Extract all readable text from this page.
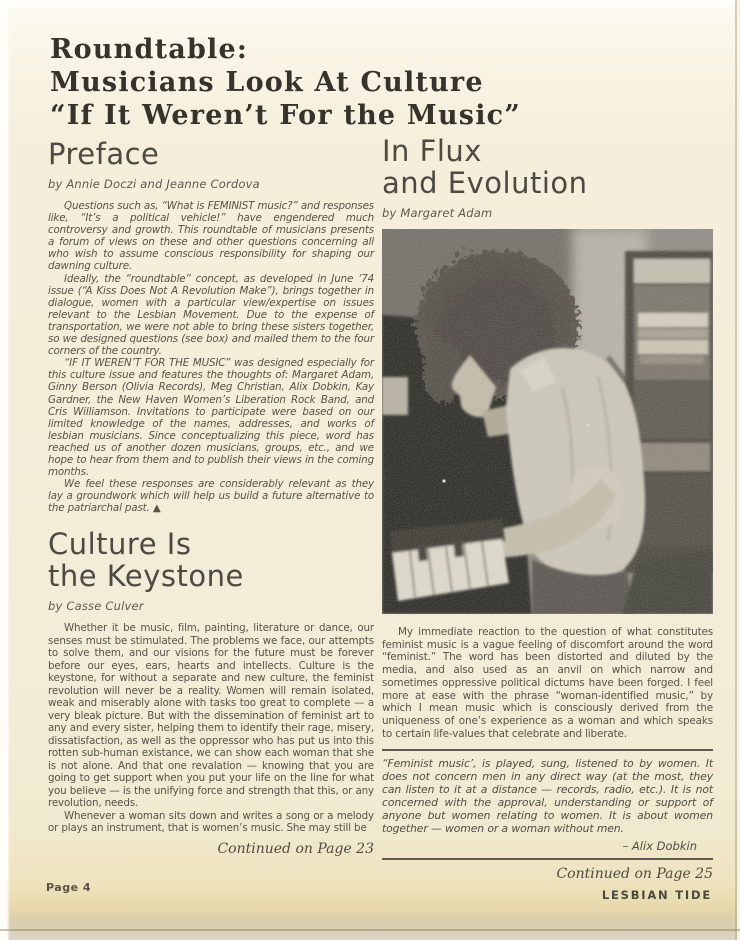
Roundtable:
Musicians Look At Culture
“If It Weren’t For the Music”
Preface
by Annie Doczi and Jeanne Cordova

Questions such as, “What is FEMINIST music?” and responses like, “It’s a political vehicle!” have engendered much controversy and growth. This roundtable of musicians presents a forum of views on these and other questions concerning all who wish to assume conscious responsibility for shaping our dawning culture.

Ideally, the “roundtable” concept, as developed in June ’74 issue (“A Kiss Does Not A Revolution Make”), brings together in dialogue, women with a particular view/expertise on issues relevant to the Lesbian Movement. Due to the expense of transportation, we were not able to bring these sisters together, so we designed questions (see box) and mailed them to the four corners of the country.

“IF IT WEREN’T FOR THE MUSIC” was designed especially for this culture issue and features the thoughts of: Margaret Adam, Ginny Berson (Olivia Records), Meg Christian, Alix Dobkin, Kay Gardner, the New Haven Women’s Liberation Rock Band, and Cris Williamson. Invitations to participate were based on our limited knowledge of the names, addresses, and works of lesbian musicians. Since conceptualizing this piece, word has reached us of another dozen musicians, groups, etc., and we hope to hear from them and to publish their views in the coming months.

We feel these responses are considerably relevant as they lay a groundwork which will help us build a future alternative to the patriarchal past. ▲

Culture Is
the Keystone
by Casse Culver

Whether it be music, film, painting, literature or dance, our senses must be stimulated. The problems we face, our attempts to solve them, and our visions for the future must be forever before our eyes, ears, hearts and intellects. Culture is the keystone, for without a separate and new culture, the feminist revolution will never be a reality. Women will remain isolated, weak and miserably alone with tasks too great to complete — a very bleak picture. But with the dissemination of feminist art to any and every sister, helping them to identify their rage, misery, dissatisfaction, as well as the oppressor who has put us into this rotten sub-human existance, we can show each woman that she is not alone. And that one revalation — knowing that you are going to get support when you put your life on the line for what you believe — is the unifying force and strength that this, or any revolution, needs.

Whenever a woman sits down and writes a song or a melody or plays an instrument, that is women’s music. She may still be

Continued on Page 23
In Flux
and Evolution
by Margaret Adam

My immediate reaction to the question of what constitutes feminist music is a vague feeling of discomfort around the word “feminist.” The word has been distorted and diluted by the media, and also used as an anvil on which narrow and sometimes oppressive political dictums have been forged. I feel more at ease with the phrase “woman-identified music,” by which I mean music which is consciously derived from the uniqueness of one’s experience as a woman and which speaks to certain life-values that celebrate and liberate.

“Feminist music’, is played, sung, listened to by women. It does not concern men in any direct way (at the most, they can listen to it at a distance — records, radio, etc.). It is not concerned with the approval, understanding or support of anyone but women relating to women. It is about women together — women or a woman without men.

– Alix Dobkin
Continued on Page 25
Page 4
LESBIAN TIDE
